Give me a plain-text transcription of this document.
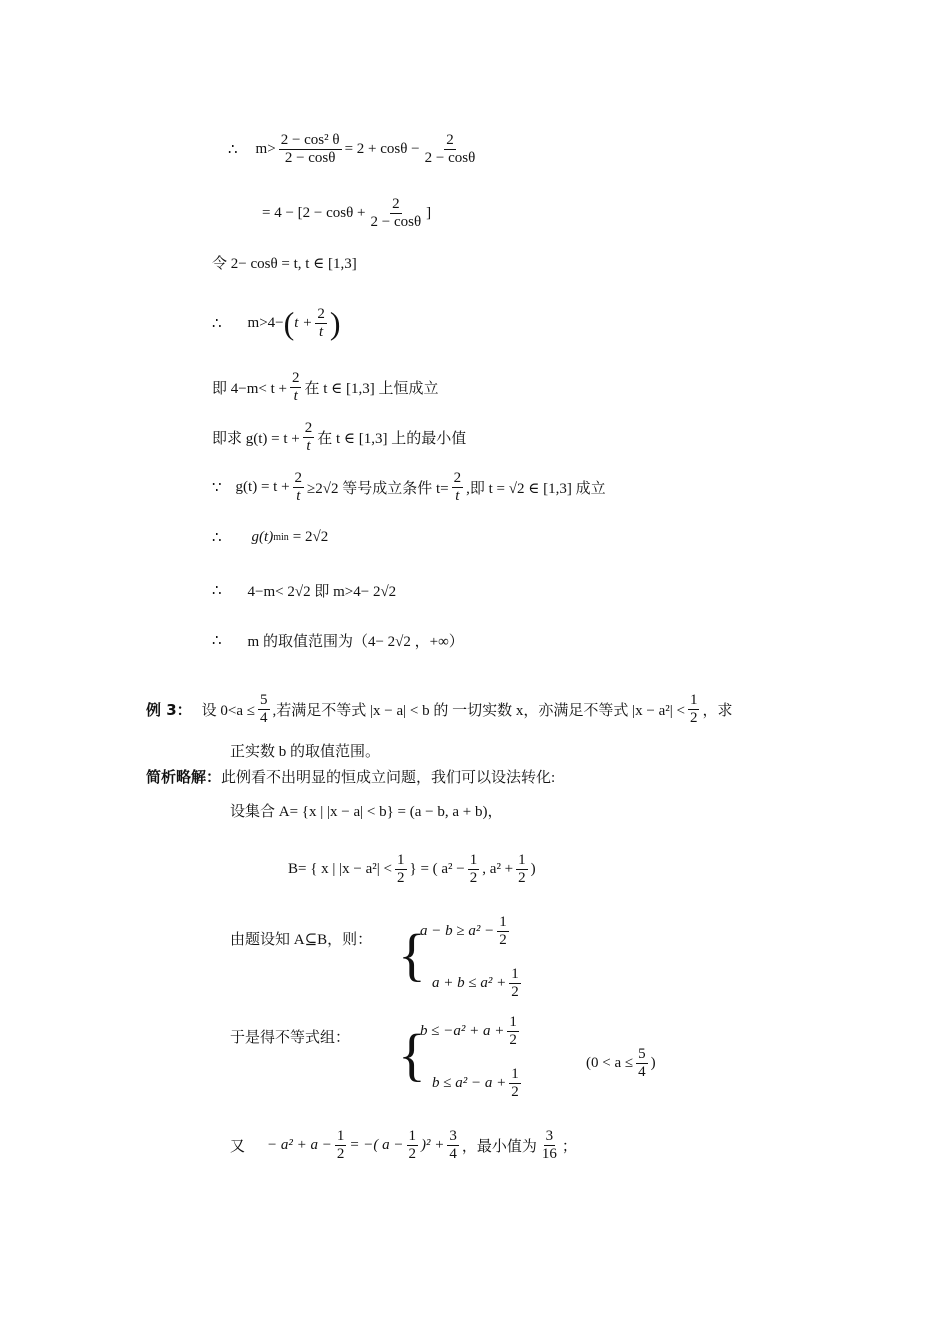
∴ $m> \frac{\text{2 − cos² θ}}{2 - \cos\theta} = 2 + \cos\theta - \frac{2}{2 - \cos\theta}$
= $4 - [2 - \cos\theta + \frac{2}{2 - \cos\theta}$ ]
令 2− cosθ = t, t ∈ [1,3]
∴ m>4− ( $t + \frac{2}{t}$ )
即 $4-m< t + \frac{2}{t}$ 在 t ∈ [1,3] 上恒成立
即求 $g(t) = t + \frac{2}{t}$ 在 t ∈ [1,3] 上的最小值
∵ $g(t) = t + \frac{2}{t} \ge 2√2$ 等号成立条件 $t= \frac{2}{t}$ ,即 t = √2 ∈ [1,3] 成立
∴ g(t) min = 2√2
∴ 4−m< 2√2 即 m>4− 2√2
∴ m 的取值范围为（4− 2√2 ，+∞）
例 3： 设 $0<a \le \frac{5}{4}$ ,若满足不等式 |x − a| < b 的 一切实数 x，亦满足不等式 $|x - a^2| < \frac{1}{2}$ ，求
正实数 b 的取值范围。
简析略解： 此例看不出明显的恒成立问题，我们可以设法转化:
设集合 A= {x | |x − a| < b} = (a − b, a + b)，
B= { x | $|x - a^2| < \frac{1}{2}$ } = ( $a^2 - \frac{1}{2}$ , $a^2 + \frac{1}{2}$ )
由题设知 A⊆B，则： {
$a - b \ge a^2 - \frac{1}{2}$
$a + b \le a^2 + \frac{1}{2}$
于是得不等式组： {
$b \le -a^2 + a + \frac{1}{2}$
$b \le a^2 - a + \frac{1}{2}$
($0 < a \le \frac{5}{4}$ )
又 − $a^2 + a - \frac{1}{2}$ = −( $a - \frac{1}{2} )^2 + \frac{3}{4}$ ，最小值为 $\frac{3}{16}$ ；
